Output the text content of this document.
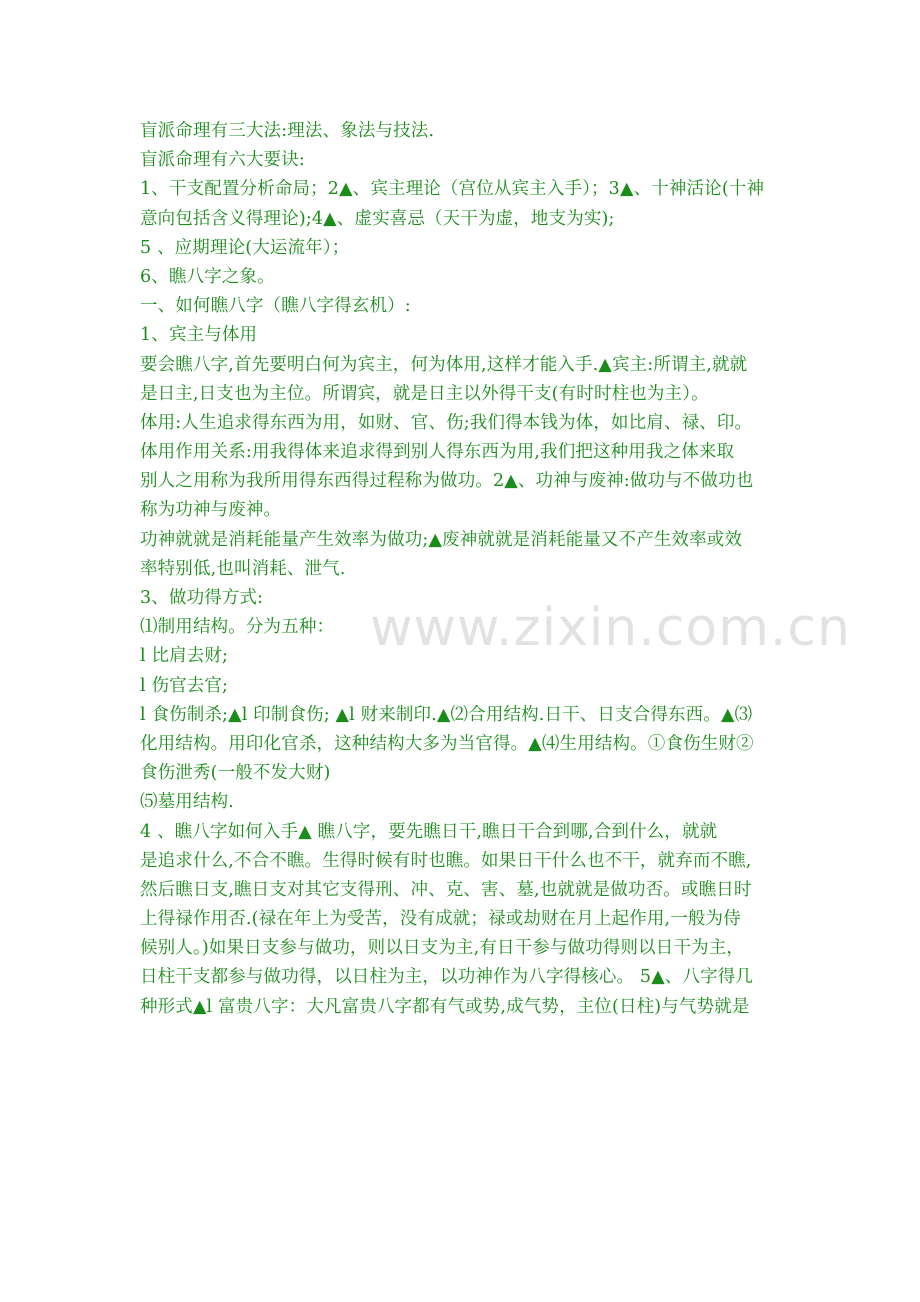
盲派命理有三大法:理法、象法与技法.
盲派命理有六大要诀:
1、干支配置分析命局；2▲、宾主理论（宫位从宾主入手）；3▲、十神活论(十神
意向包括含义得理论);4▲、虚实喜忌（天干为虚，地支为实);
5 、应期理论(大运流年）；
6、瞧八字之象。
一、如何瞧八字（瞧八字得玄机）:
1、宾主与体用
要会瞧八字,首先要明白何为宾主，何为体用,这样才能入手.▲宾主:所谓主,就就
是日主,日支也为主位。所谓宾，就是日主以外得干支(有时时柱也为主）。
体用:人生追求得东西为用，如财、官、伤;我们得本钱为体，如比肩、禄、印。
体用作用关系:用我得体来追求得到别人得东西为用,我们把这种用我之体来取
别人之用称为我所用得东西得过程称为做功。2▲、功神与废神:做功与不做功也
称为功神与废神。
功神就就是消耗能量产生效率为做功;▲废神就就是消耗能量又不产生效率或效
率特别低,也叫消耗、泄气.
3、做功得方式:
⑴制用结构。分为五种：
l 比肩去财;
l 伤官去官;
l 食伤制杀;▲l 印制食伤; ▲l 财来制印.▲⑵合用结构.日干、日支合得东西。▲⑶
化用结构。用印化官杀，这种结构大多为当官得。▲⑷生用结构。①食伤生财②
食伤泄秀(一般不发大财)
⑸墓用结构.
4 、瞧八字如何入手▲ 瞧八字，要先瞧日干,瞧日干合到哪,合到什么，就就
是追求什么,不合不瞧。生得时候有时也瞧。如果日干什么也不干，就弃而不瞧,
然后瞧日支,瞧日支对其它支得刑、冲、克、害、墓,也就就是做功否。或瞧日时
上得禄作用否.(禄在年上为受苦，没有成就；禄或劫财在月上起作用,一般为侍
候别人。)如果日支参与做功，则以日支为主,有日干参与做功得则以日干为主，
日柱干支都参与做功得，以日柱为主，以功神作为八字得核心。 5▲、八字得几
种形式▲l 富贵八字：大凡富贵八字都有气或势,成气势，主位(日柱)与气势就是
www.zixin.com.cn
